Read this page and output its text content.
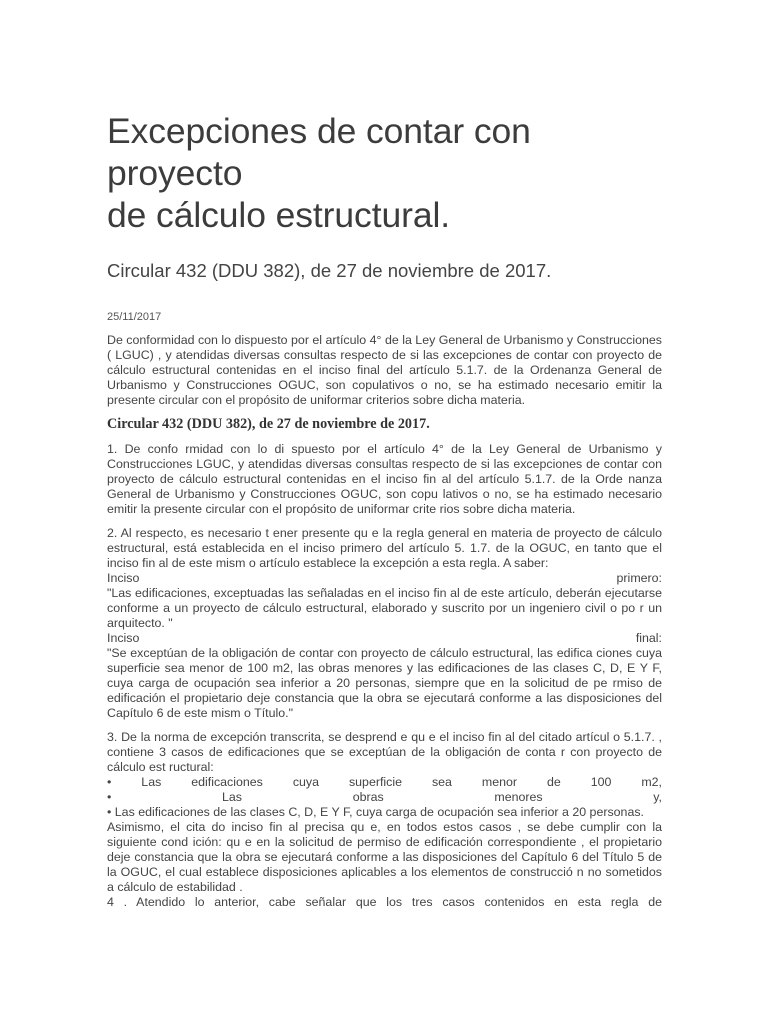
Excepciones de contar con proyecto
de cálculo estructural.
Circular 432 (DDU 382), de 27 de noviembre de 2017.
25/11/2017

De conformidad con lo dispuesto por el artículo 4° de la Ley General de Urbanismo y Construcciones ( LGUC) , y atendidas diversas consultas respecto de si las excepciones de contar con proyecto de cálculo estructural contenidas en el inciso final del artículo 5.1.7. de la Ordenanza General de Urbanismo y Construcciones OGUC, son copulativos o no, se ha estimado necesario emitir la presente circular con el propósito de uniformar criterios sobre dicha materia.

Circular 432 (DDU 382), de 27 de noviembre de 2017.

1. De confo rmidad con lo di spuesto por el artículo 4° de la Ley General de Urbanismo y Construcciones LGUC, y atendidas diversas consultas respecto de si las excepciones de contar con proyecto de cálculo estructural contenidas en el inciso fin al del artículo 5.1.7. de la Orde nanza General de Urbanismo y Construcciones OGUC, son copu lativos o no, se ha estimado necesario emitir la presente circular con el propósito de uniformar crite rios sobre dicha materia.

2. Al respecto, es necesario t ener presente qu e la regla general en materia de proyecto de cálculo estructural, está establecida en el inciso primero del artículo 5. 1.7. de la OGUC, en tanto que el inciso fin al de este mism o artículo establece la excepción a esta regla. A saber:
Inciso primero:
"Las edificaciones, exceptuadas las señaladas en el inciso fin al de este artículo, deberán ejecutarse conforme a un proyecto de cálculo estructural, elaborado y suscrito por un ingeniero civil o po r un arquitecto. "
Inciso final:
"Se exceptúan de la obligación de contar con proyecto de cálculo estructural, las edifica ciones cuya superficie sea menor de 100 m2, las obras menores y las edificaciones de las clases C, D, E Y F, cuya carga de ocupación sea inferior a 20 personas, siempre que en la solicitud de pe rmiso de edificación el propietario deje constancia que la obra se ejecutará conforme a las disposiciones del Capítulo 6 de este mism o Título."
3. De la norma de excepción transcrita, se desprend e qu e el inciso fin al del citado artícul o 5.1.7. , contiene 3 casos de edificaciones que se exceptúan de la obligación de conta r con proyecto de cálculo est ructural:
• Las edificaciones cuya superficie sea menor de 100 m2,
• Las obras menores y,
• Las edificaciones de las clases C, D, E Y F, cuya carga de ocupación sea inferior a 20 personas.
Asimismo, el cita do inciso fin al precisa qu e, en todos estos casos , se debe cumplir con la siguiente cond ición: qu e en la solicitud de permiso de edificación correspondiente , el propietario deje constancia que la obra se ejecutará conforme a las disposiciones del Capítulo 6 del Título 5 de la OGUC, el cual establece disposiciones aplicables a los elementos de construcció n no sometidos a cálculo de estabilidad .
4 . Atendido lo anterior, cabe señalar que los tres casos contenidos en esta regla de
